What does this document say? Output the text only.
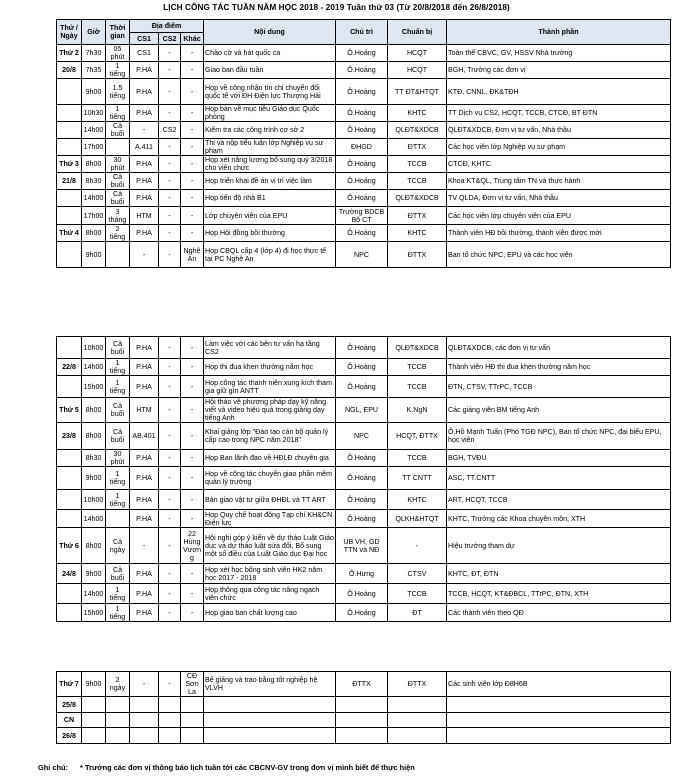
LỊCH CÔNG TÁC TUẦN NĂM HỌC 2018 - 2019 Tuần thứ 03 (Từ 20/8/2018 đến 26/8/2018)
Thứ / Ngày	Giờ	Thời gian	Địa điểm			Nội dung	Chủ trì	Chuẩn bị	Thành phần
			CS1	CS2	Khác				
Thứ 2	7h30	05 phút	CS1	-	-	Chào cờ và hát quốc ca	Ô.Hoàng	HCQT	Toàn thể CBVC, GV, HSSV Nhà trường
20/8	7h35	1 tiếng	P.HA	-	-	Giao ban đầu tuần	Ô.Hoàng	HCQT	BGH, Trưởng các đơn vị
	9h00	1.5 tiếng	P.HA	-	-	Họp về công nhận tín chỉ chuyển đổi quốc tế với ĐH Điện lực Thượng Hải	Ô.Hoàng	TT ĐT&HTQT	KTĐ, CNNL, ĐK&TĐH
	10h30	1 tiếng	P.HA	-	-	Họp bàn về mục tiêu Giáo dục Quốc phòng	Ô.Hoàng	KHTC	TT Dịch vụ CS2, HCQT, TCCB, CTCĐ, BT ĐTN
	14h00	Cả buổi	-	CS2	-	Kiểm tra các công trình cơ sở 2	Ô.Hoàng	QLĐT&XDCB	QLĐT&XDCB, Đơn vị tư vấn, Nhà thầu
	17h00		A.411	-	-	Thi và nộp tiểu luận lớp Nghiệp vụ sư phạm	ĐHGD	ĐTTX	Các học viên lớp Nghiệp vụ sư phạm
Thứ 3	8h00	30 phút	P.HA	-	-	Họp xét nâng lương bổ sung quý 3/2018 cho viên chức	Ô.Hoàng	TCCB	CTCĐ, KHTC
21/8	8h30	Cả buổi	P.HA	-	-	Họp triển khai đề án vị trí việc làm	Ô.Hoàng	TCCB	Khoa KT&QL, Trung tâm TN và thực hành
	14h00	Cả buổi	P.HA	-	-	Họp tiến độ nhà B1	Ô.Hoàng	QLĐT&XDCB	TV QLDA, Đơn vị tư vấn, Nhà thầu
	17h00	3 tháng	HTM	-	-	Lớp chuyên viên của EPU	Trường BDCB Bộ CT	ĐTTX	Các học viên lớp chuyên viên của EPU
Thứ 4	8h00	2 tiếng	P.HA	-	-	Họp Hội đồng bồi thường	Ô.Hoàng	KHTC	Thành viên HĐ bồi thường, thành viên được mời
	9h00		-	-	Nghệ An	Họp CBQL cấp 4 (lớp 4) đi học thực tế tại PC Nghệ An	NPC	ĐTTX	Ban tổ chức NPC, EPU và các học viên
	10h00	Cả buổi	P.HA	-	-	Làm việc với các bên tư vấn hạ tầng CS2	Ô.Hoàng	QLĐT&XDCB	QLĐT&XDCB, các đơn vị tư vấn
22/8	14h00	1 tiếng	P.HA	-	-	Họp thi đua khen thưởng năm học	Ô.Hoàng	TCCB	Thành viên HĐ thi đua khen thưởng năm học
	15h00	1 tiếng	P.HA	-	-	Họp công tác thanh niên xung kích tham gia giữ gìn ANTT	Ô.Hoàng	TCCB	ĐTN, CTSV, TTrPC, TCCB
Thứ 5	8h00	Cả buổi	HTM	-	-	Hội thảo về phương pháp dạy kỹ năng viết và video hiệu quả trong giảng dạy tiếng Anh	NGL, EPU	K.NgN	Các giảng viên BM tiếng Anh
23/8	8h00	Cả buổi	AB.401	-	-	Khai giảng lớp "Đào tạo cán bộ quản lý cấp cao trong NPC năm 2018"	NPC	HCQT, ĐTTX	Ô.Hồ Mạnh Tuấn (Phó TGĐ NPC), Ban tổ chức NPC, đại biểu EPU, học viên
	8h30	30 phút	P.HA	-	-	Họp Ban lãnh đạo về HĐLĐ chuyên gia	Ô.Hoàng	TCCB	BGH, TVĐU
	9h00	1 tiếng	P.HA	-	-	Họp về công tác chuyển giao phần mềm quản lý trường	Ô.Hoàng	TT CNTT	ASC, TT.CNTT
	10h00	1 tiếng	P.HA	-	-	Bàn giao vật tư giữa ĐHĐL và TT ART	Ô.Hoàng	KHTC	ART, HCQT, TCCB
	14h00		P.HA	-	-	Họp Quy chế hoạt động Tạp chí KH&CN Điện lực	Ô.Hoàng	QLKH&HTQT	KHTC, Trưởng các Khoa chuyên môn, XTH
Thứ 6	8h00	Cả ngày	-	-	22 Hùng Vương	Hội nghị góp ý kiến về dự thảo Luật Giáo dục và dự thảo luật sửa đổi, Bổ sung một số điều của Luật Giáo dục Đại học	UB VH, GD TTN và NĐ	-	Hiệu trưởng tham dự
24/8	9h00	Cả buổi	P.HA	-	-	Họp xét học bổng sinh viên HK2 năm học 2017 - 2018	Ô.Hưng	CTSV	KHTC, ĐT, ĐTN
	14h00	1 tiếng	P.HA	-	-	Họp thông qua công tác nâng ngạch viên chức	Ô.Hoàng	TCCB	TCCB, HCQT, KT&ĐBCL, TTrPC, ĐTN, XTH
	15h00	1 tiếng	P.HA	-	-	Họp giao ban chất lượng cao	Ô.Hoàng	ĐT	Các thành viên theo QĐ
Thứ 7	9h00	2 ngày	-	-	CĐ Sơn La	Bế giảng và trao bằng tốt nghiệp hệ VLVH	ĐTTX	ĐTTX	Các sinh viên lớp Đ8H6B
25/8									
CN									
26/8									
Ghi chú: * Trưởng các đơn vị thông báo lịch tuần tới các CBCNV-GV trong đơn vị mình biết để thực hiện
